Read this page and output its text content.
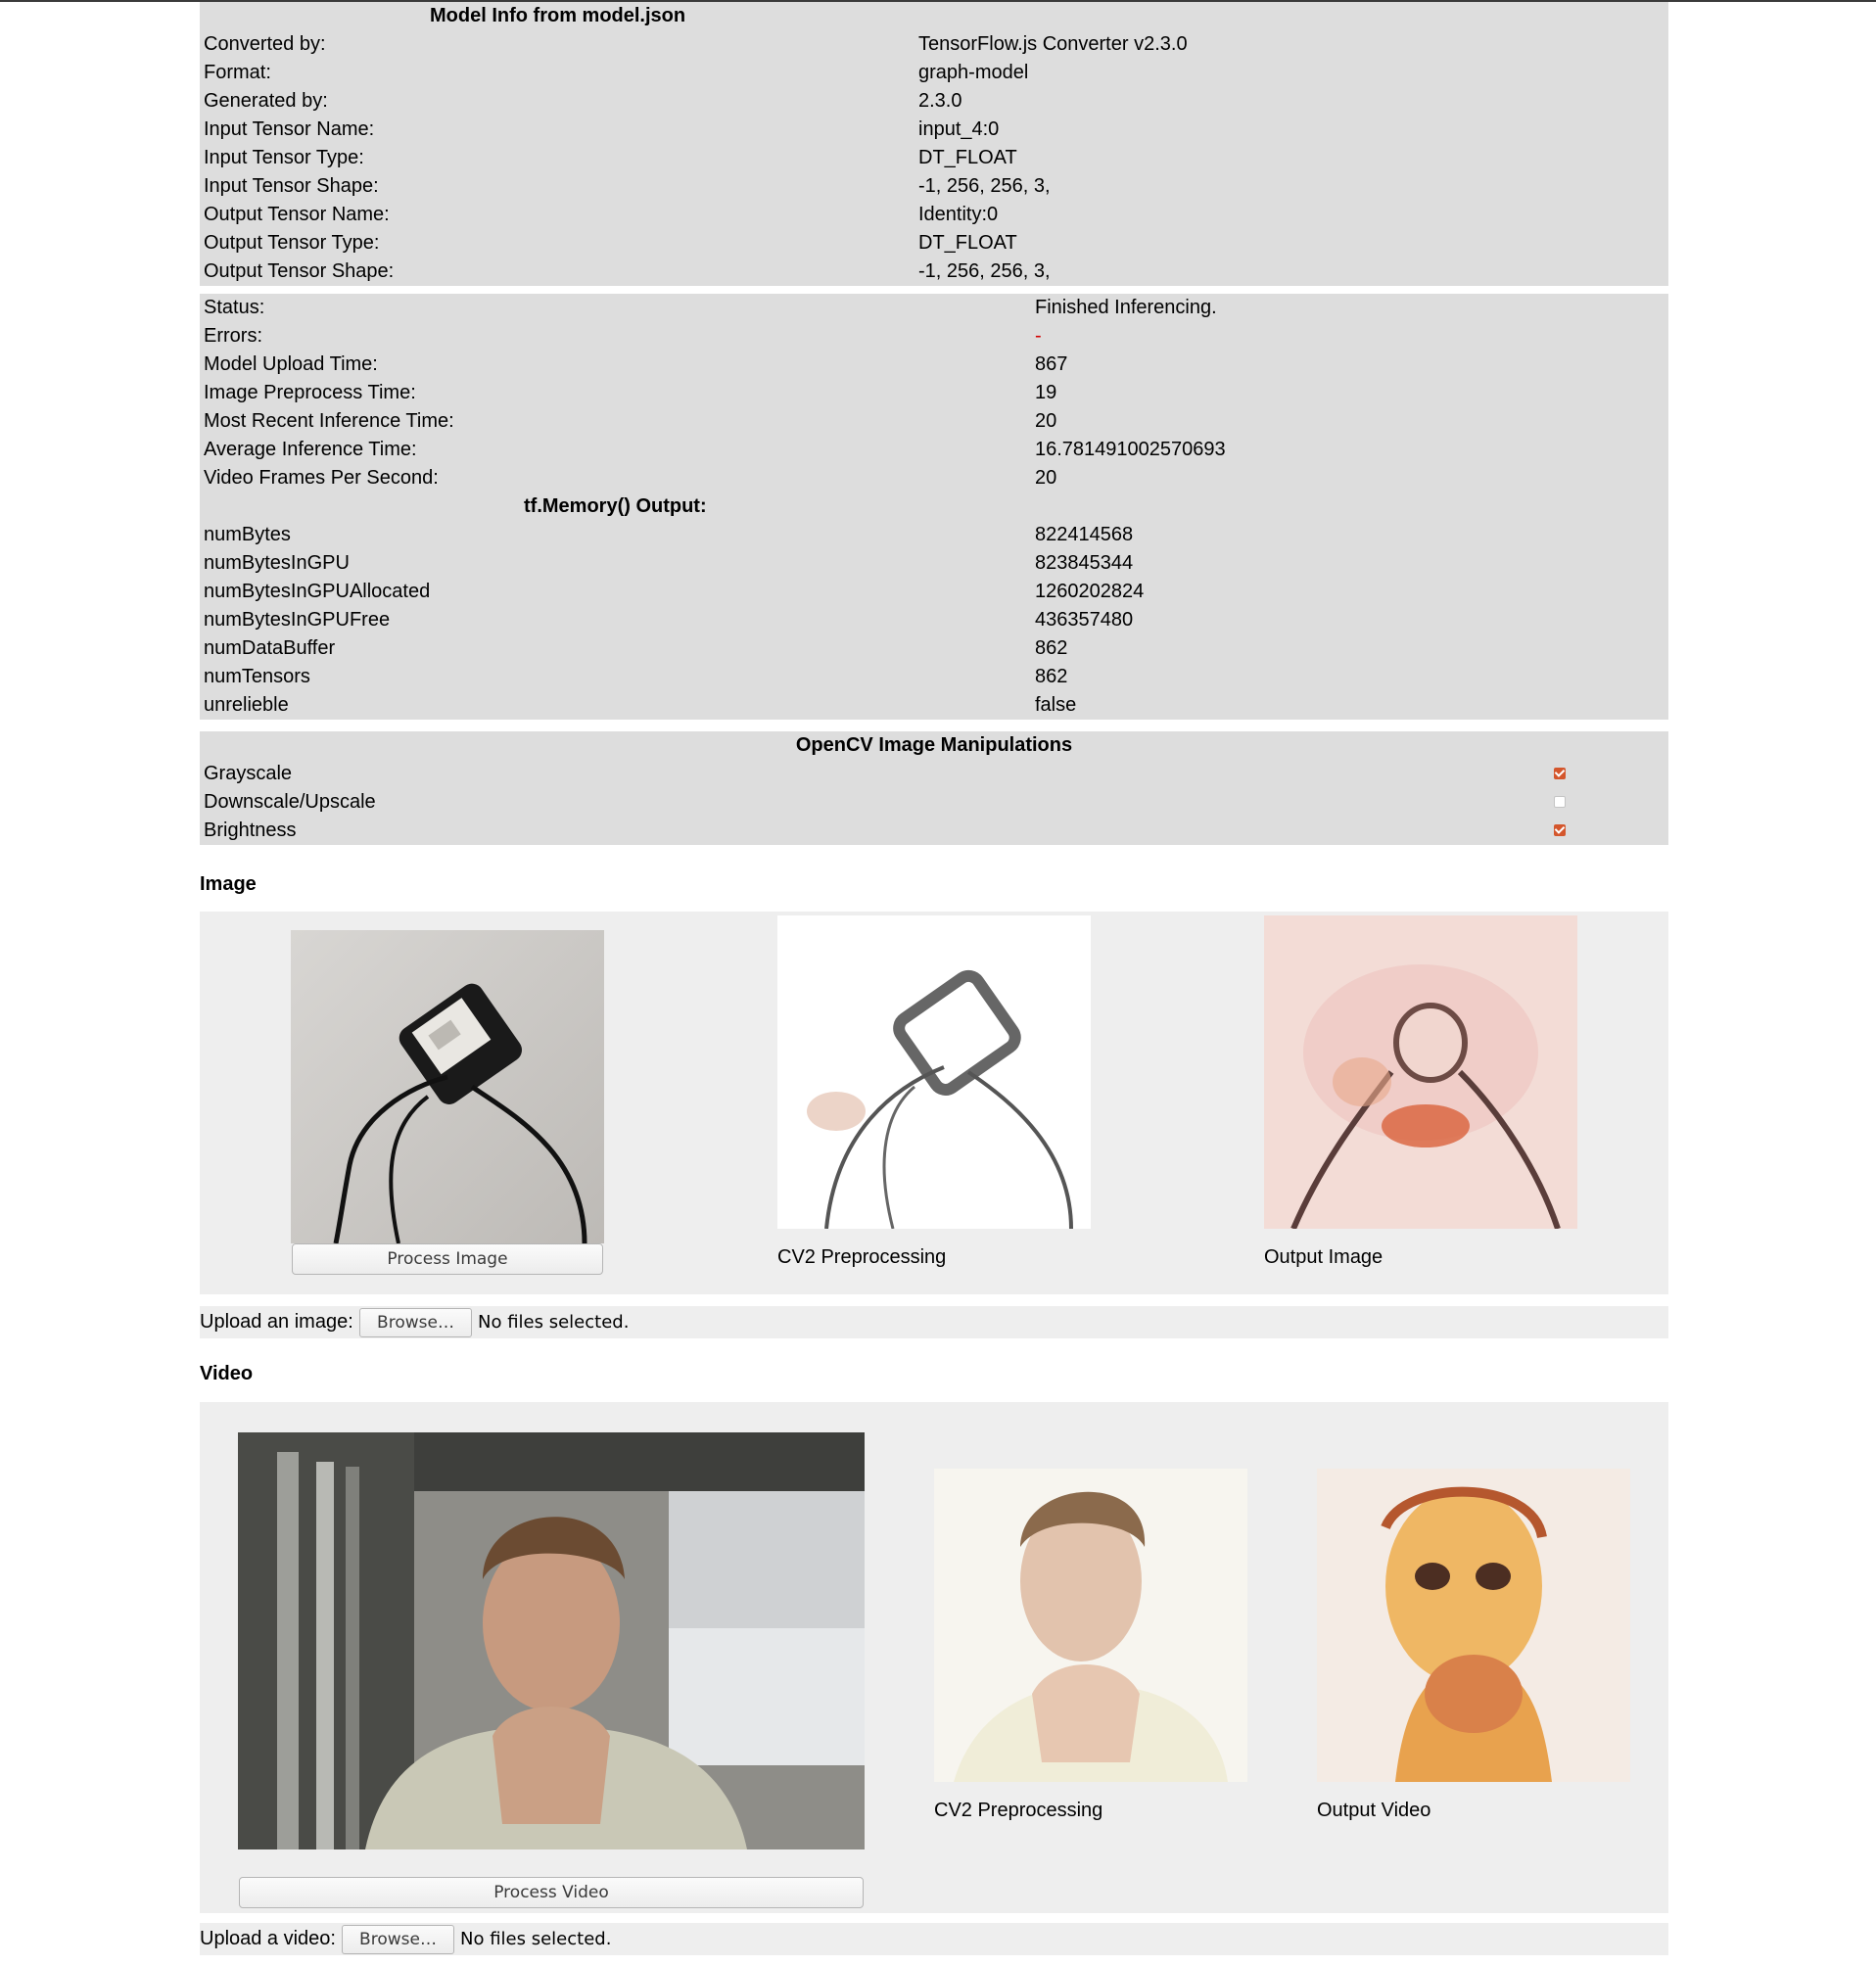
Model Info from model.json	
Converted by:	TensorFlow.js Converter v2.3.0
Format:	graph-model
Generated by:	2.3.0
Input Tensor Name:	input_4:0
Input Tensor Type:	DT_FLOAT
Input Tensor Shape:	-1, 256, 256, 3,
Output Tensor Name:	Identity:0
Output Tensor Type:	DT_FLOAT
Output Tensor Shape:	-1, 256, 256, 3,
Status:	Finished Inferencing.
Errors:	-
Model Upload Time:	867
Image Preprocess Time:	19
Most Recent Inference Time:	20
Average Inference Time:	16.781491002570693
Video Frames Per Second:	20
tf.Memory() Output:	
numBytes	822414568
numBytesInGPU	823845344
numBytesInGPUAllocated	1260202824
numBytesInGPUFree	436357480
numDataBuffer	862
numTensors	862
unrelieble	false
OpenCV Image Manipulations	
Grayscale	
Downscale/Upscale	
Brightness	
Image
Process Image	CV2 Preprocessing	Output Image
Upload an image:	Browse…	No files selected.
Video
Process Video
CV2 Preprocessing	Output Video
Upload a video:	Browse…	No files selected.
